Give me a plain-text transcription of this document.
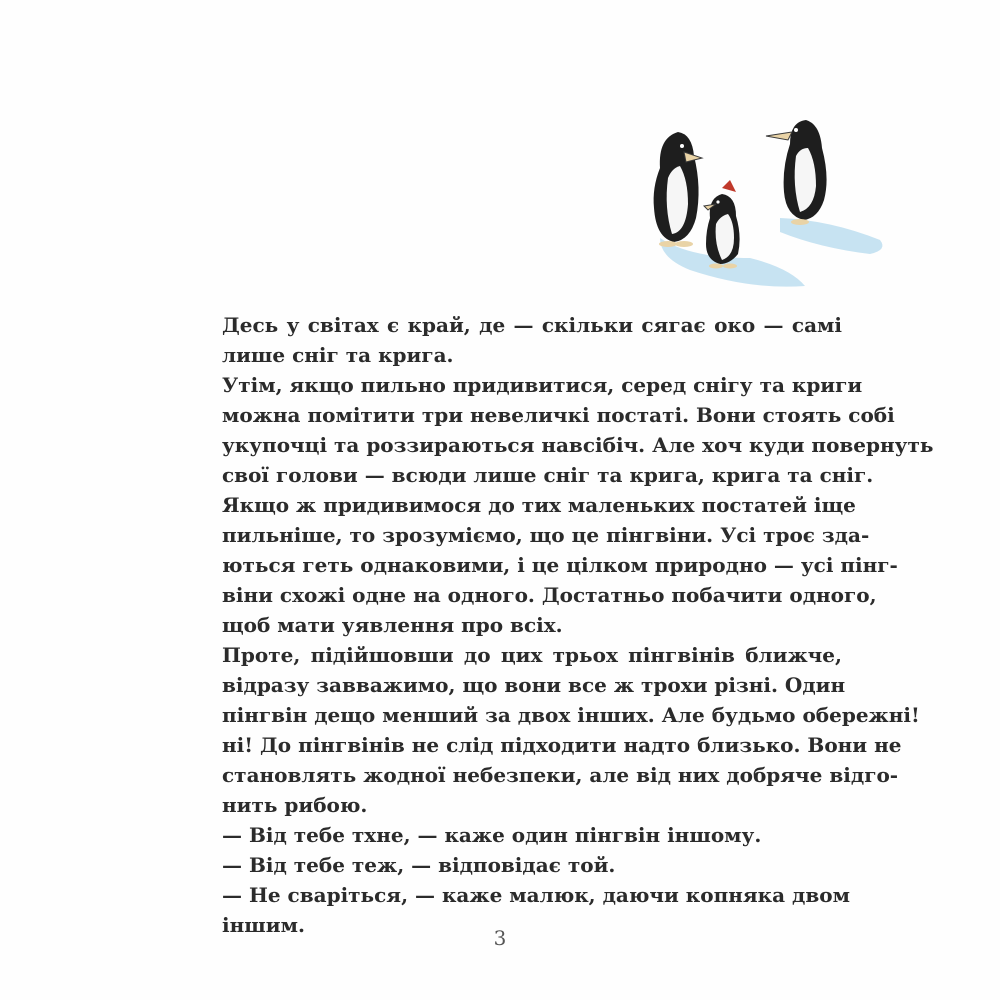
Десь у світах є край, де — скільки сягає око — самі
лише сніг та крига.
Утім, якщо пильно придивитися, серед снігу та криги
можна помітити три невеличкі постаті. Вони стоять собі
укупочці та роззираються навсібіч. Але хоч куди повернуть
свої голови — всюди лише сніг та крига, крига та сніг.
Якщо ж придивимося до тих маленьких постатей іще
пильніше, то зрозуміємо, що це пінгвіни. Усі троє зда-
ються геть однаковими, і це цілком природно — усі пінг-
віни схожі одне на одного. Достатньо побачити одного,
щоб мати уявлення про всіх.
Проте, підійшовши до цих трьох пінгвінів ближче,
відразу завважимо, що вони все ж трохи різні. Один
пінгвін дещо менший за двох інших. Але будьмо обережні!
ні! До пінгвінів не слід підходити надто близько. Вони не
становлять жодної небезпеки, але від них добряче відго-
нить рибою.
— Від тебе тхне, — каже один пінгвін іншому.
— Від тебе теж, — відповідає той.
— Не сваріться, — каже малюк, даючи копняка двом
іншим.
3
